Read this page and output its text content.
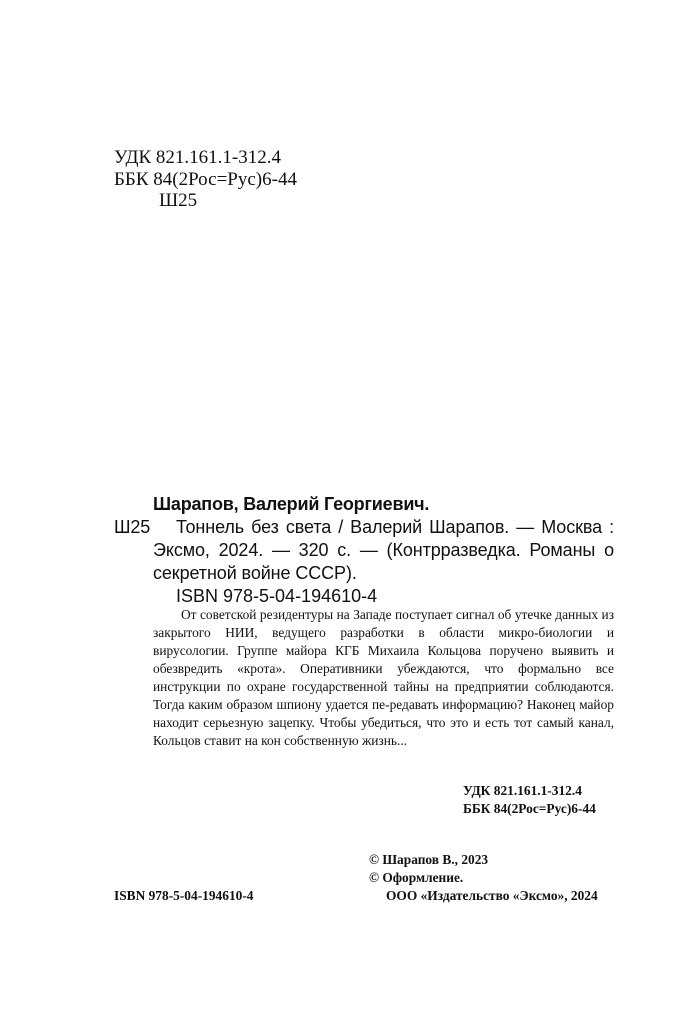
УДК 821.161.1-312.4
ББК 84(2Рос=Рус)6-44
Ш25
Шарапов, Валерий Георгиевич.
Ш25 Тоннель без света / Валерий Шарапов. — Москва :
Эксмо, 2024. — 320 с. — (Контрразведка. Романы о
секретной войне СССР).
ISBN 978-5-04-194610-4

От советской резидентуры на Западе поступает сигнал об утечке данных из закрытого НИИ, ведущего разработки в области микро-биологии и вирусологии. Группе майора КГБ Михаила Кольцова поручено выявить и обезвредить «крота». Оперативники убеждаются, что формально все инструкции по охране государственной тайны на предприятии соблюдаются. Тогда каким образом шпиону удается пе-редавать информацию? Наконец майор находит серьезную зацепку. Чтобы убедиться, что это и есть тот самый канал, Кольцов ставит на кон собственную жизнь...

УДК 821.161.1-312.4
ББК 84(2Рос=Рус)6-44
© Шарапов В., 2023
© Оформление.
ООО «Издательство «Эксмо», 2024
ISBN 978-5-04-194610-4
